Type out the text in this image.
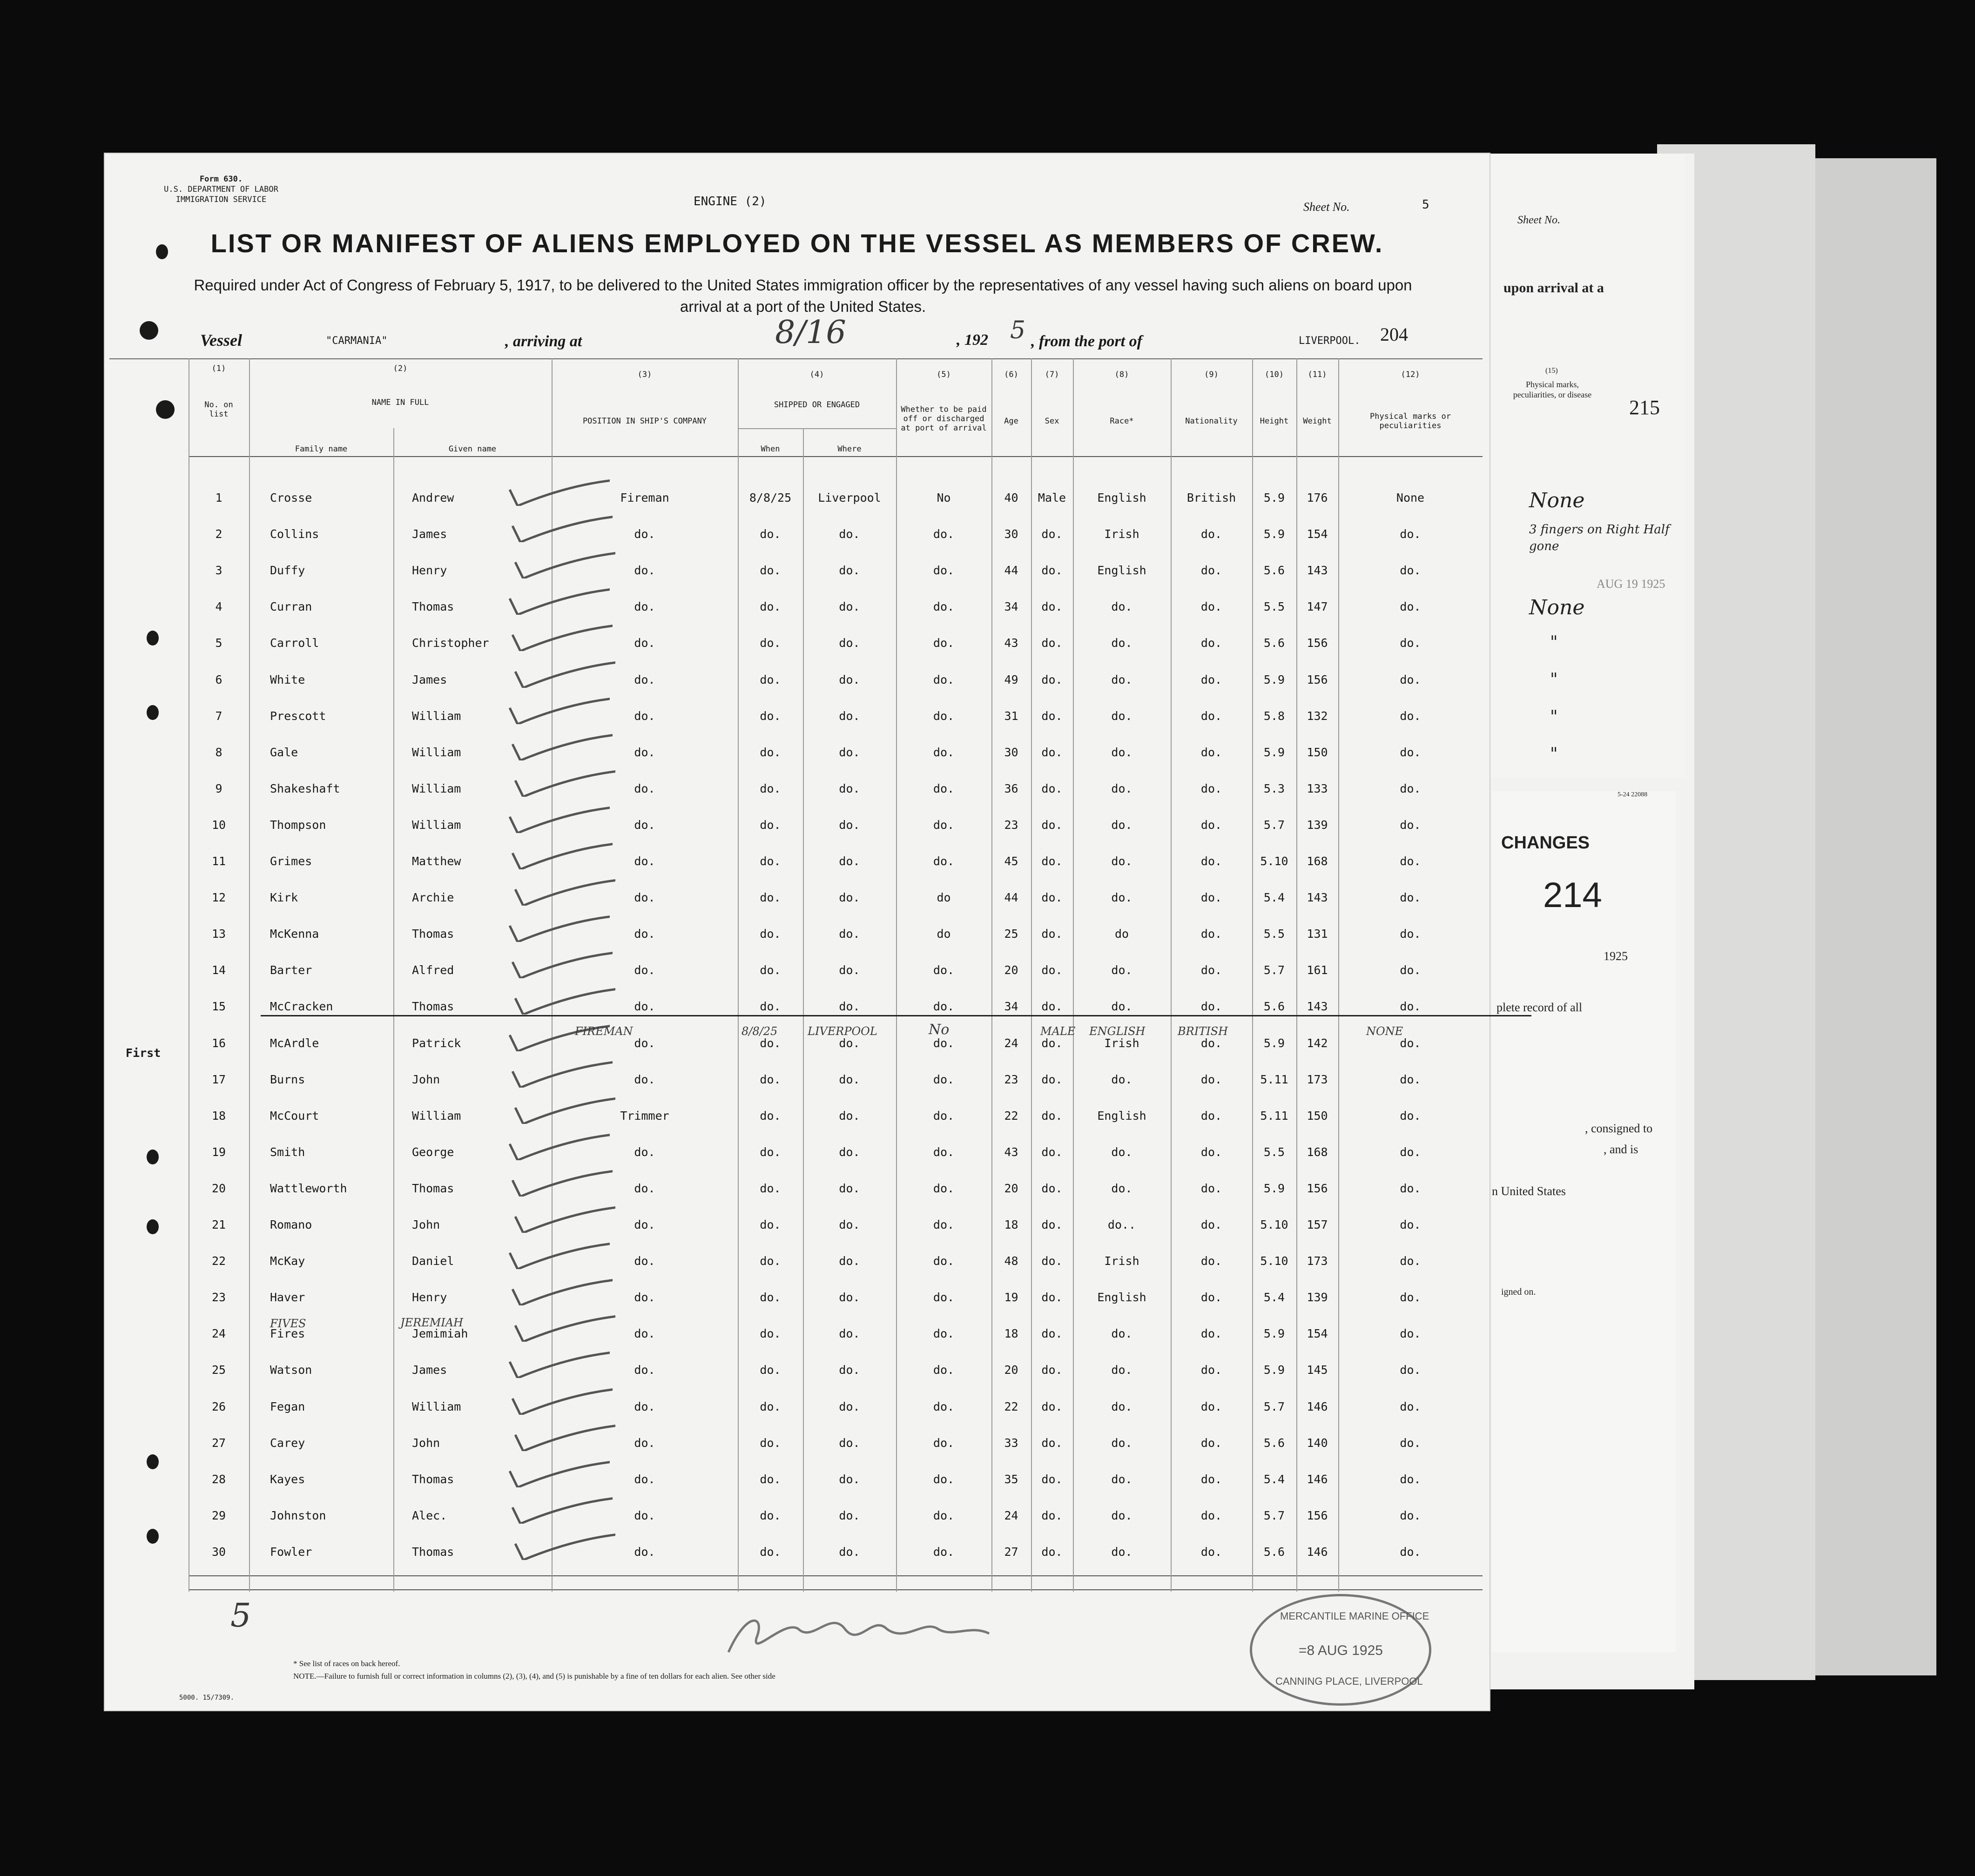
Sheet No.
upon arrival at a
(15)
Physical marks, peculiarities, or disease
215
None
3 fingers on Right Half gone
None
"
"
"
"
AUG 19 1925
5-24 22088
CHANGES
214
1925
plete record of all
, consigned to
, and is
n United States
igned on.
Form 630.
U.S. DEPARTMENT OF LABOR
IMMIGRATION SERVICE	ENGINE (2)	Sheet No.	5
LIST OR MANIFEST OF ALIENS EMPLOYED ON THE VESSEL AS MEMBERS OF CREW.
Required under Act of Congress of February 5, 1917, to be delivered to the United States immigration officer by the representatives of any vessel having such aliens on board upon arrival at a port of the United States.
Vessel	"CARMANIA"	, arriving at	8/16	, 192 5 , from the port of	LIVERPOOL. 204
(1)	(2)
(3)	(4)	(5)	(6)	(7)	(8)	(9)	(10)	(11)	(12)
No. on list
NAME IN FULL
Family name	Given name
POSITION IN SHIP'S COMPANY
SHIPPED OR ENGAGED
When	Where
Whether to be paid off or discharged at port of arrival
Age	Sex	Race*	Nationality	Height	Weight	Physical marks or peculiarities
1	Crosse	Andrew	Fireman	8/8/25	Liverpool	No	40	Male	English	British	5.9	176	None
2	Collins	James	do.	do.	do.	do.	30	do.	Irish	do.	5.9	154	do.
3	Duffy	Henry	do.	do.	do.	do.	44	do.	English	do.	5.6	143	do.
4	Curran	Thomas	do.	do.	do.	do.	34	do.	do.	do.	5.5	147	do.
5	Carroll	Christopher	do.	do.	do.	do.	43	do.	do.	do.	5.6	156	do.
6	White	James	do.	do.	do.	do.	49	do.	do.	do.	5.9	156	do.
7	Prescott	William	do.	do.	do.	do.	31	do.	do.	do.	5.8	132	do.
8	Gale	William	do.	do.	do.	do.	30	do.	do.	do.	5.9	150	do.
9	Shakeshaft	William	do.	do.	do.	do.	36	do.	do.	do.	5.3	133	do.
10	Thompson	William	do.	do.	do.	do.	23	do.	do.	do.	5.7	139	do.
11	Grimes	Matthew	do.	do.	do.	do.	45	do.	do.	do.	5.10	168	do.
12	Kirk	Archie	do.	do.	do.	do	44	do.	do.	do.	5.4	143	do.
13	McKenna	Thomas	do.	do.	do.	do	25	do.	do	do.	5.5	131	do.
14	Barter	Alfred	do.	do.	do.	do.	20	do.	do.	do.	5.7	161	do.
15	McCracken	Thomas	do.	do.	do.	do.	34	do.	do.	do.	5.6	143	do.
16	McArdle	Patrick	do.	do.	do.	do.	24	do.	Irish	do.	5.9	142	do.
17	Burns	John	do.	do.	do.	do.	23	do.	do.	do.	5.11	173	do.
18	McCourt	William	Trimmer	do.	do.	do.	22	do.	English	do.	5.11	150	do.
19	Smith	George	do.	do.	do.	do.	43	do.	do.	do.	5.5	168	do.
20	Wattleworth	Thomas	do.	do.	do.	do.	20	do.	do.	do.	5.9	156	do.
21	Romano	John	do.	do.	do.	do.	18	do.	do..	do.	5.10	157	do.
22	McKay	Daniel	do.	do.	do.	do.	48	do.	Irish	do.	5.10	173	do.
23	Haver	Henry	do.	do.	do.	do.	19	do.	English	do.	5.4	139	do.
24	Fires	Jemimiah	do.	do.	do.	do.	18	do.	do.	do.	5.9	154	do.
25	Watson	James	do.	do.	do.	do.	20	do.	do.	do.	5.9	145	do.
26	Fegan	William	do.	do.	do.	do.	22	do.	do.	do.	5.7	146	do.
27	Carey	John	do.	do.	do.	do.	33	do.	do.	do.	5.6	140	do.
28	Kayes	Thomas	do.	do.	do.	do.	35	do.	do.	do.	5.4	146	do.
29	Johnston	Alec.	do.	do.	do.	do.	24	do.	do.	do.	5.7	156	do.
30	Fowler	Thomas	do.	do.	do.	do.	27	do.	do.	do.	5.6	146	do.
FIREMAN	8/8/25	LIVERPOOL	No	MALE ENGLISH	BRITISH	NONE
First
FIVES	JEREMIAH
5
* See list of races on back hereof.
NOTE.—Failure to furnish full or correct information in columns (2), (3), (4), and (5) is punishable by a fine of ten dollars for each alien. See other side
5000. 15/7309.
MERCANTILE MARINE OFFICE
=8 AUG 1925
CANNING PLACE, LIVERPOOL
